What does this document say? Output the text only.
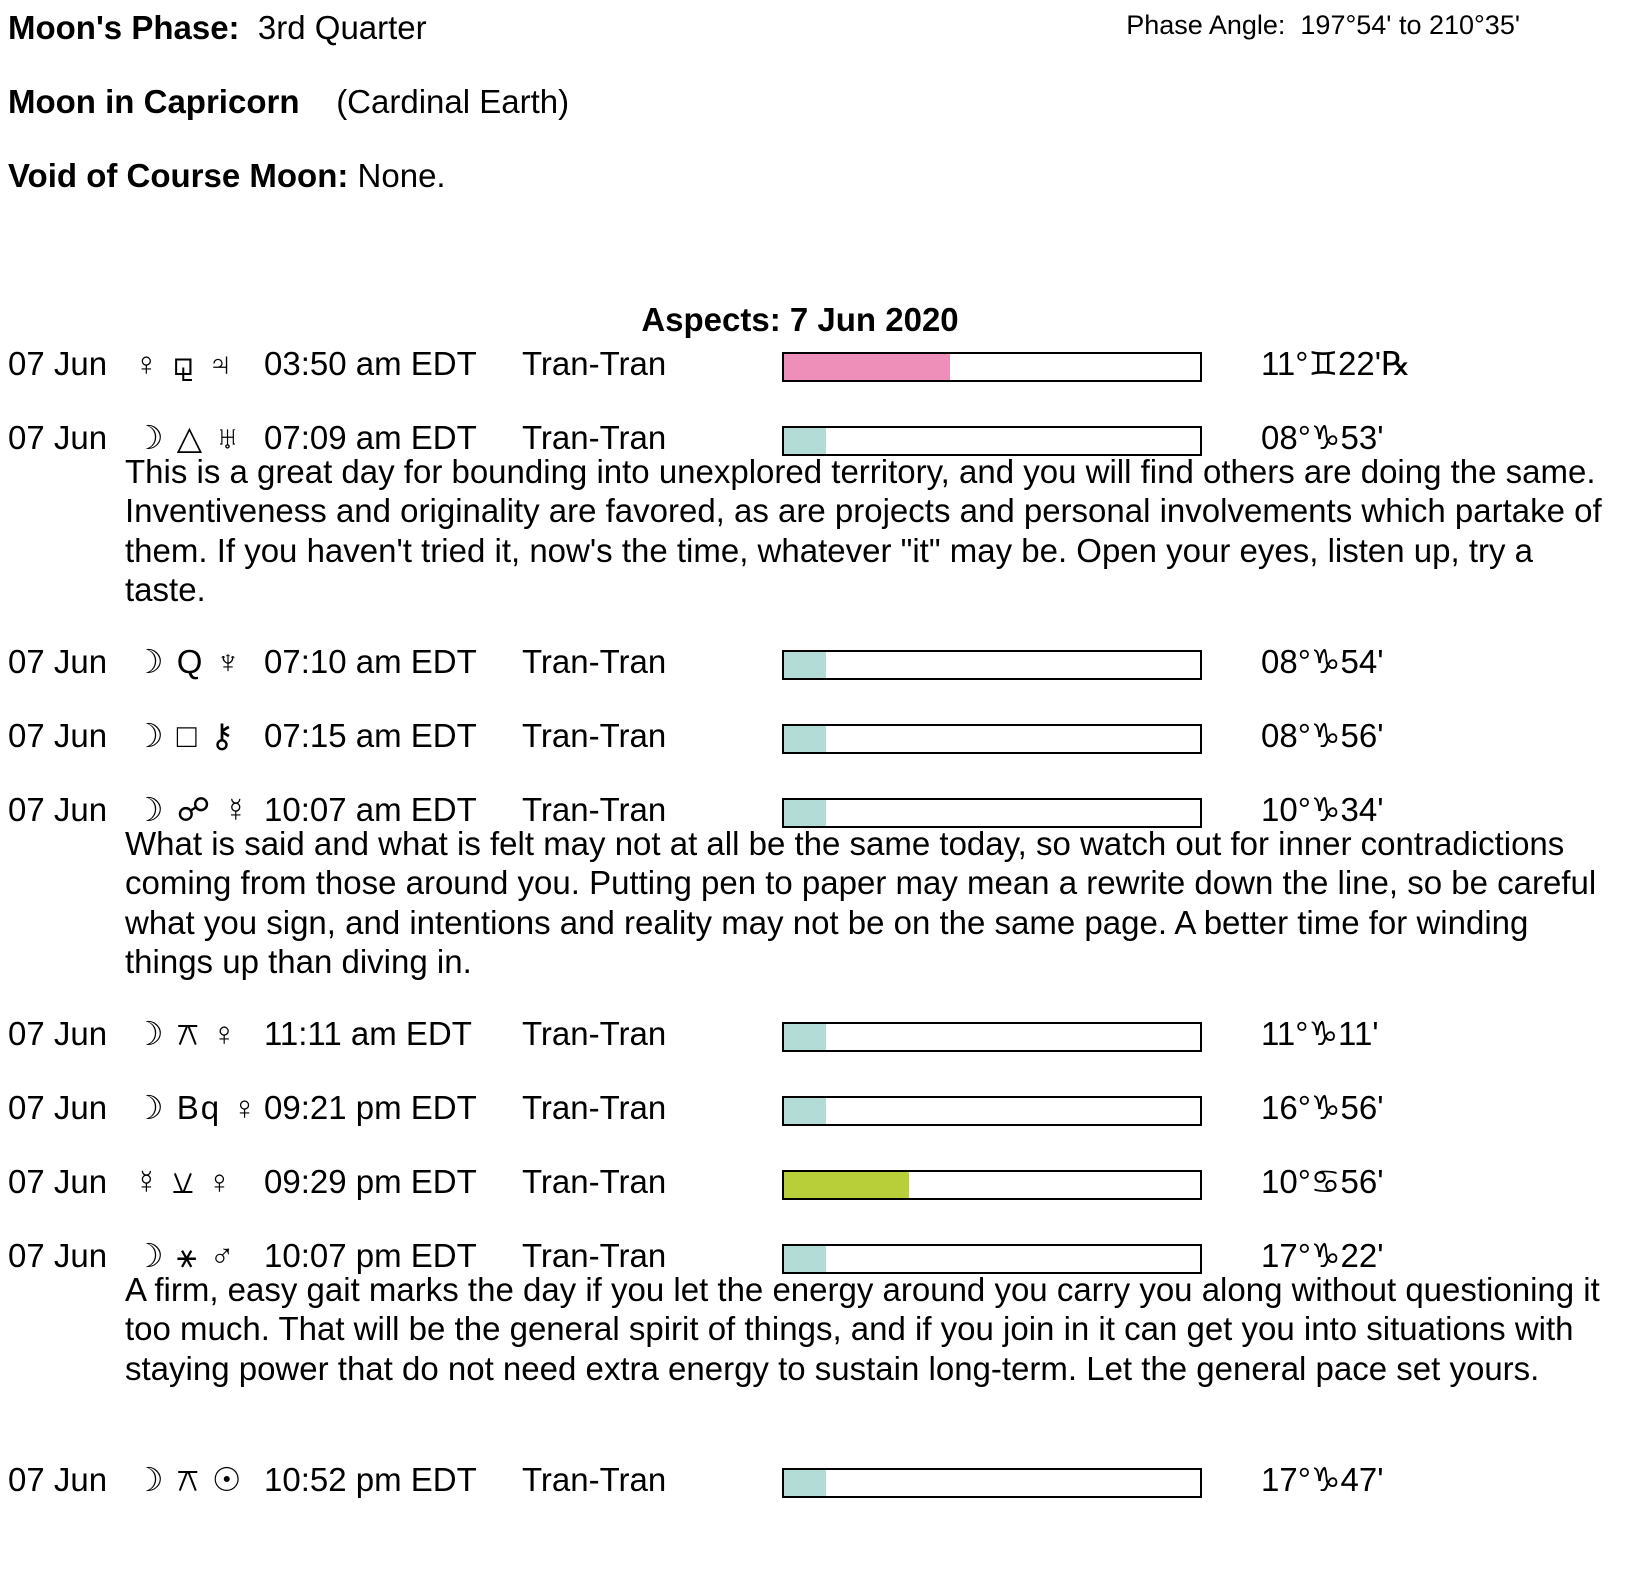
Moon's Phase: 3rd Quarter	Phase Angle: 197°54' to 210°35'
Moon in Capricorn (Cardinal Earth)
Void of Course Moon: None.
Aspects: 7 Jun 2020
07 Jun ♀ ⚼ ♃ 03:50 am EDT Tran-Tran	11°♊22'℞
07 Jun ☽ △ ♅ 07:09 am EDT Tran-Tran	08°♑53'
This is a great day for bounding into unexplored territory, and you will find others are doing the same. Inventiveness and originality are favored, as are projects and personal involvements which partake of them. If you haven't tried it, now's the time, whatever "it" may be. Open your eyes, listen up, try a taste.
07 Jun ☽ Q ♆ 07:10 am EDT Tran-Tran	08°♑54'
07 Jun ☽ □ ⚷ 07:15 am EDT Tran-Tran	08°♑56'
07 Jun ☽ ☍ ☿ 10:07 am EDT Tran-Tran	10°♑34'
What is said and what is felt may not at all be the same today, so watch out for inner contradictions coming from those around you. Putting pen to paper may mean a rewrite down the line, so be careful what you sign, and intentions and reality may not be on the same page. A better time for winding things up than diving in.
07 Jun ☽ ⚻ ♀ 11:11 am EDT Tran-Tran	11°♑11'
07 Jun ☽ Bq ♀ 09:21 pm EDT Tran-Tran	16°♑56'
07 Jun ☿ ⚺ ♀ 09:29 pm EDT Tran-Tran	10°♋56'
07 Jun ☽ ⚹ ♂ 10:07 pm EDT Tran-Tran	17°♑22'
A firm, easy gait marks the day if you let the energy around you carry you along without questioning it too much. That will be the general spirit of things, and if you join in it can get you into situations with staying power that do not need extra energy to sustain long-term. Let the general pace set yours.
07 Jun ☽ ⚻ ☉ 10:52 pm EDT Tran-Tran	17°♑47'
